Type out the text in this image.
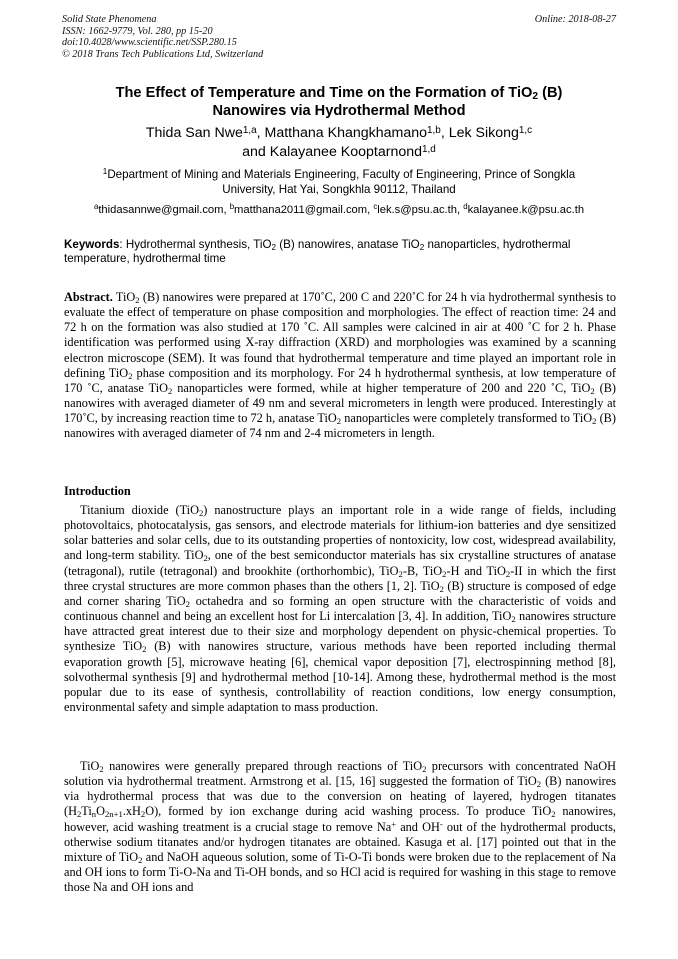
Solid State Phenomena
ISSN: 1662-9779, Vol. 280, pp 15-20
doi:10.4028/www.scientific.net/SSP.280.15
© 2018 Trans Tech Publications Ltd, Switzerland
Online: 2018-08-27
The Effect of Temperature and Time on the Formation of TiO$_2$ (B)
Nanowires via Hydrothermal Method
Thida San Nwe$^{1,a}$, Matthana Khangkhamano$^{1,b}$, Lek Sikong$^{1,c}$
and Kalayanee Kooptarnond$^{1,d}$
$^1$Department of Mining and Materials Engineering, Faculty of Engineering, Prince of Songkla
University, Hat Yai, Songkhla 90112, Thailand
$^a$thidasannwe@gmail.com, $^b$matthana2011@gmail.com, $^c$lek.s@psu.ac.th, $^d$kalayanee.k@psu.ac.th
Keywords: Hydrothermal synthesis, TiO$_2$ (B) nanowires, anatase TiO$_2$ nanoparticles, hydrothermal temperature, hydrothermal time

Abstract. TiO$_2$ (B) nanowires were prepared at 170˚C, 200 C and 220˚C for 24 h via hydrothermal synthesis to evaluate the effect of temperature on phase composition and morphologies. The effect of reaction time: 24 and 72 h on the formation was also studied at 170 ˚C. All samples were calcined in air at 400 ˚C for 2 h. Phase identification was performed using X-ray diffraction (XRD) and morphologies was examined by a scanning electron microscope (SEM). It was found that hydrothermal temperature and time played an important role in defining TiO$_2$ phase composition and its morphology. For 24 h hydrothermal synthesis, at low temperature of 170 ˚C, anatase TiO$_2$ nanoparticles were formed, while at higher temperature of 200 and 220 ˚C, TiO$_2$ (B) nanowires with averaged diameter of 49 nm and several micrometers in length were produced. Interestingly at 170˚C, by increasing reaction time to 72 h, anatase TiO$_2$ nanoparticles were completely transformed to TiO$_2$ (B) nanowires with averaged diameter of 74 nm and 2-4 micrometers in length.

Introduction

Titanium dioxide (TiO$_2$) nanostructure plays an important role in a wide range of fields, including photovoltaics, photocatalysis, gas sensors, and electrode materials for lithium-ion batteries and dye sensitized solar batteries and solar cells, due to its outstanding properties of nontoxicity, low cost, widespread availability, and long-term stability. TiO$_2$, one of the best semiconductor materials has six crystalline structures of anatase (tetragonal), rutile (tetragonal) and brookhite (orthorhombic), TiO$_2$-B, TiO$_2$-H and TiO$_2$-II in which the first three crystal structures are more common phases than the others [1, 2]. TiO$_2$ (B) structure is composed of edge and corner sharing TiO$_2$ octahedra and so forming an open structure with the characteristic of voids and continuous channel and being an excellent host for Li intercalation [3, 4]. In addition, TiO$_2$ nanowires structure have attracted great interest due to their size and morphology dependent on physic-chemical properties. To synthesize TiO$_2$ (B) with nanowires structure, various methods have been reported including thermal evaporation growth [5], microwave heating [6], chemical vapor deposition [7], electrospinning method [8], solvothermal synthesis [9] and hydrothermal method [10-14]. Among these, hydrothermal method is the most popular due to its ease of synthesis, controllability of reaction conditions, low energy consumption, environmental safety and simple adaptation to mass production.

TiO$_2$ nanowires were generally prepared through reactions of TiO$_2$ precursors with concentrated NaOH solution via hydrothermal treatment. Armstrong et al. [15, 16] suggested the formation of TiO$_2$ (B) nanowires via hydrothermal process that was due to the conversion on heating of layered, hydrogen titanates $(H_2Ti_nO_{2n+1}.xH_2O)$, formed by ion exchange during acid washing process. To produce TiO$_2$ nanowires, however, acid washing treatment is a crucial stage to remove Na+ and OH- out of the hydrothermal products, otherwise sodium titanates and/or hydrogen titanates are obtained. Kasuga et al. [17] pointed out that in the mixture of TiO$_2$ and NaOH aqueous solution, some of Ti-O-Ti bonds were broken due to the replacement of Na and OH ions to form Ti-O-Na and Ti-OH bonds, and so HCl acid is required for washing in this stage to remove those Na and OH ions and
